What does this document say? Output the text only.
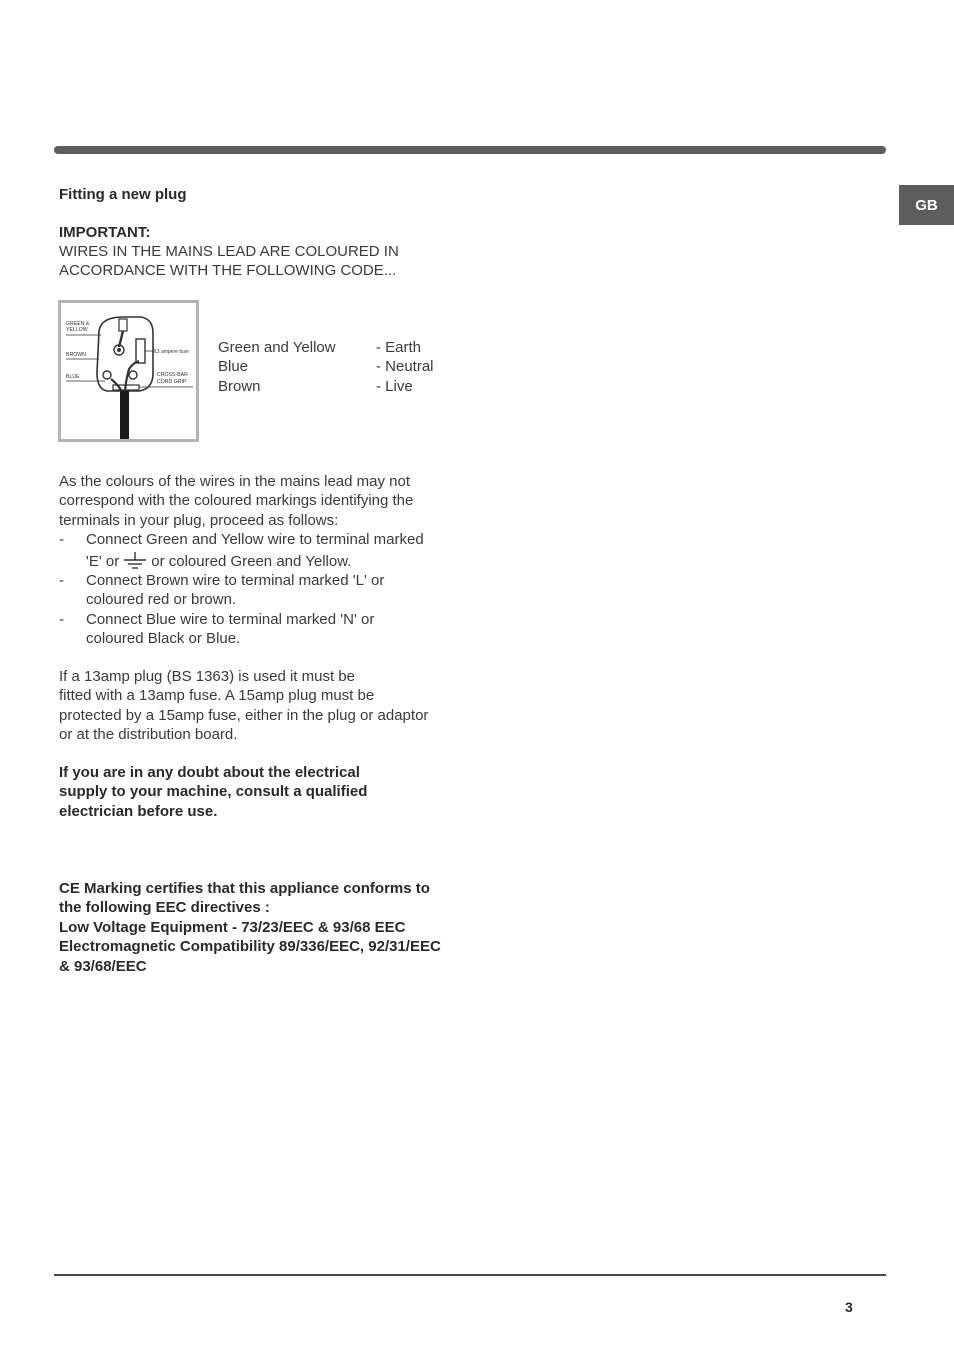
GB

Fitting a new plug

IMPORTANT:

WIRES IN THE MAINS LEAD ARE COLOURED IN

ACCORDANCE WITH THE FOLLOWING CODE...

GREEN &
YELLOW
BROWN
BLUE
13 ampere fuse
CROSS-BAR
CORD GRIP
Green and Yellow	- Earth
Blue	- Neutral
Brown	- Live
As the colours of the wires in the mains lead may not
correspond with the coloured markings identifying the
terminals in your plug, proceed as follows:
-	Connect Green and Yellow wire to terminal marked
'E' or or coloured Green and Yellow.
-	Connect Brown wire to terminal marked 'L' or
coloured red or brown.
-	Connect Blue wire to terminal marked 'N' or
coloured Black or Blue.
If a 13amp plug (BS 1363) is used it must be
fitted with a 13amp fuse. A 15amp plug must be
protected by a 15amp fuse, either in the plug or adaptor
or at the distribution board.
If you are in any doubt about the electrical
supply to your machine, consult a qualified
electrician before use.
CE Marking certifies that this appliance conforms to
the following EEC directives :
Low Voltage Equipment - 73/23/EEC & 93/68 EEC
Electromagnetic Compatibility 89/336/EEC, 92/31/EEC
& 93/68/EEC
3
